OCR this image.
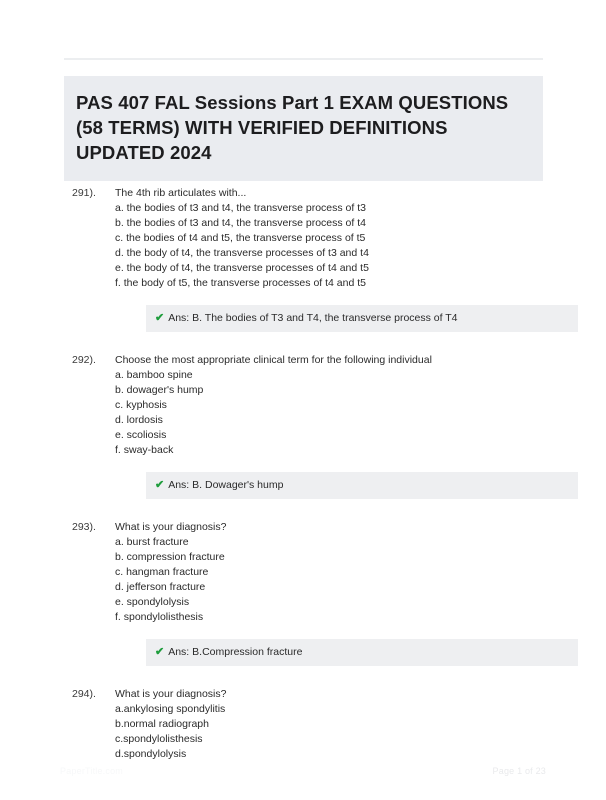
PAS 407 FAL Sessions Part 1 EXAM QUESTIONS (58 TERMS) WITH VERIFIED DEFINITIONS UPDATED 2024
291).	The 4th rib articulates with...
a. the bodies of t3 and t4, the transverse process of t3
b. the bodies of t3 and t4, the transverse process of t4
c. the bodies of t4 and t5, the transverse process of t5
d. the body of t4, the transverse processes of t3 and t4
e. the body of t4, the transverse processes of t4 and t5
f. the body of t5, the transverse processes of t4 and t5
✔ Ans: B. The bodies of T3 and T4, the transverse process of T4
292).	Choose the most appropriate clinical term for the following individual
a. bamboo spine
b. dowager's hump
c. kyphosis
d. lordosis
e. scoliosis
f. sway-back
✔ Ans: B. Dowager's hump
293).	What is your diagnosis?
a. burst fracture
b. compression fracture
c. hangman fracture
d. jefferson fracture
e. spondylolysis
f. spondylolisthesis
✔ Ans: B.Compression fracture
294).	What is your diagnosis?
a.ankylosing spondylitis
b.normal radiograph
c.spondylolisthesis
d.spondylolysis
PaperTitle.com	Page 1 of 23
